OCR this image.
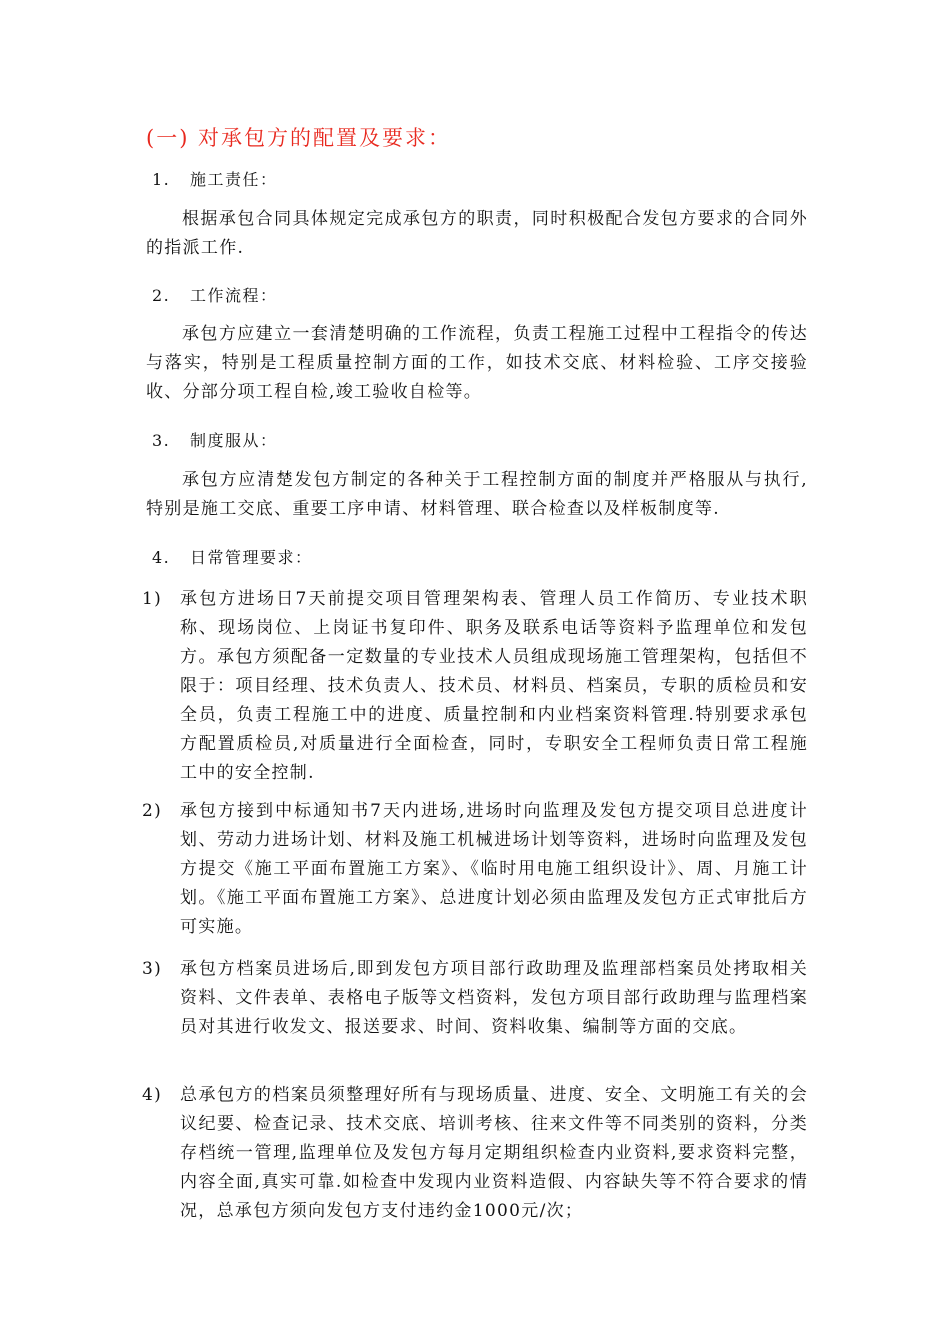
(一) 对承包方的配置及要求：
1. 施工责任：

根据承包合同具体规定完成承包方的职责，同时积极配合发包方要求的合同外的指派工作.

2. 工作流程：

承包方应建立一套清楚明确的工作流程，负责工程施工过程中工程指令的传达与落实，特别是工程质量控制方面的工作，如技术交底、材料检验、工序交接验收、分部分项工程自检,竣工验收自检等。

3. 制度服从：

承包方应清楚发包方制定的各种关于工程控制方面的制度并严格服从与执行,特别是施工交底、重要工序申请、材料管理、联合检查以及样板制度等.

4. 日常管理要求：
1) 承包方进场日7天前提交项目管理架构表、管理人员工作简历、专业技术职称、现场岗位、上岗证书复印件、职务及联系电话等资料予监理单位和发包方。承包方须配备一定数量的专业技术人员组成现场施工管理架构，包括但不限于：项目经理、技术负责人、技术员、材料员、档案员，专职的质检员和安全员，负责工程施工中的进度、质量控制和内业档案资料管理.特别要求承包方配置质检员,对质量进行全面检查，同时，专职安全工程师负责日常工程施工中的安全控制.
2) 承包方接到中标通知书7天内进场,进场时向监理及发包方提交项目总进度计划、劳动力进场计划、材料及施工机械进场计划等资料，进场时向监理及发包方提交《施工平面布置施工方案》、《临时用电施工组织设计》、周、月施工计划。《施工平面布置施工方案》、总进度计划必须由监理及发包方正式审批后方可实施。
3) 承包方档案员进场后,即到发包方项目部行政助理及监理部档案员处拷取相关资料、文件表单、表格电子版等文档资料，发包方项目部行政助理与监理档案员对其进行收发文、报送要求、时间、资料收集、编制等方面的交底。
4) 总承包方的档案员须整理好所有与现场质量、进度、安全、文明施工有关的会议纪要、检查记录、技术交底、培训考核、往来文件等不同类别的资料，分类存档统一管理,监理单位及发包方每月定期组织检查内业资料,要求资料完整，内容全面,真实可靠.如检查中发现内业资料造假、内容缺失等不符合要求的情况，总承包方须向发包方支付违约金1000元/次；
